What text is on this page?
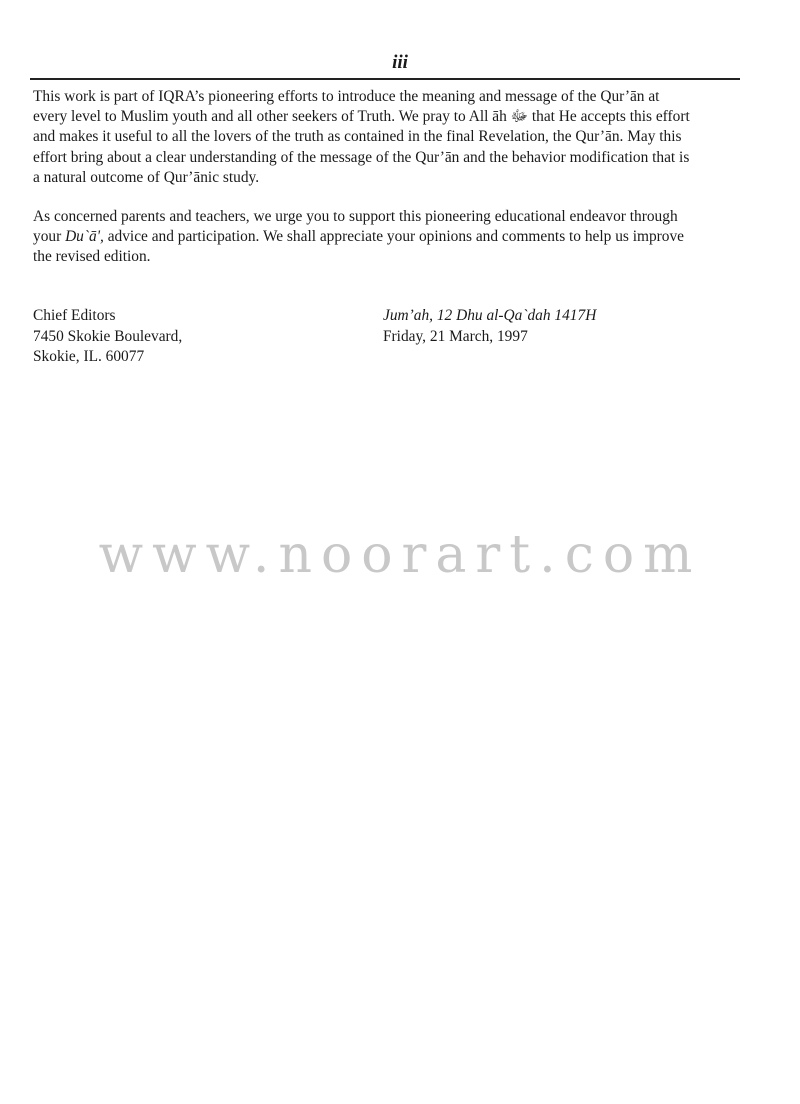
iii

This work is part of IQRA’s pioneering efforts to introduce the meaning and message of the Qur’ān at
every level to Muslim youth and all other seekers of Truth. We pray to All āh ﷻ that He accepts this effort
and makes it useful to all the lovers of the truth as contained in the final Revelation, the Qur’ān. May this
effort bring about a clear understanding of the message of the Qur’ān and the behavior modification that is
a natural outcome of Qur’ānic study.

As concerned parents and teachers, we urge you to support this pioneering educational endeavor through
your Du`ā', advice and participation. We shall appreciate your opinions and comments to help us improve
the revised edition.

Chief Editors
7450 Skokie Boulevard,
Skokie, IL. 60077
Jum’ah, 12 Dhu al-Qa`dah 1417H
Friday, 21 March, 1997
www.noorart.com
